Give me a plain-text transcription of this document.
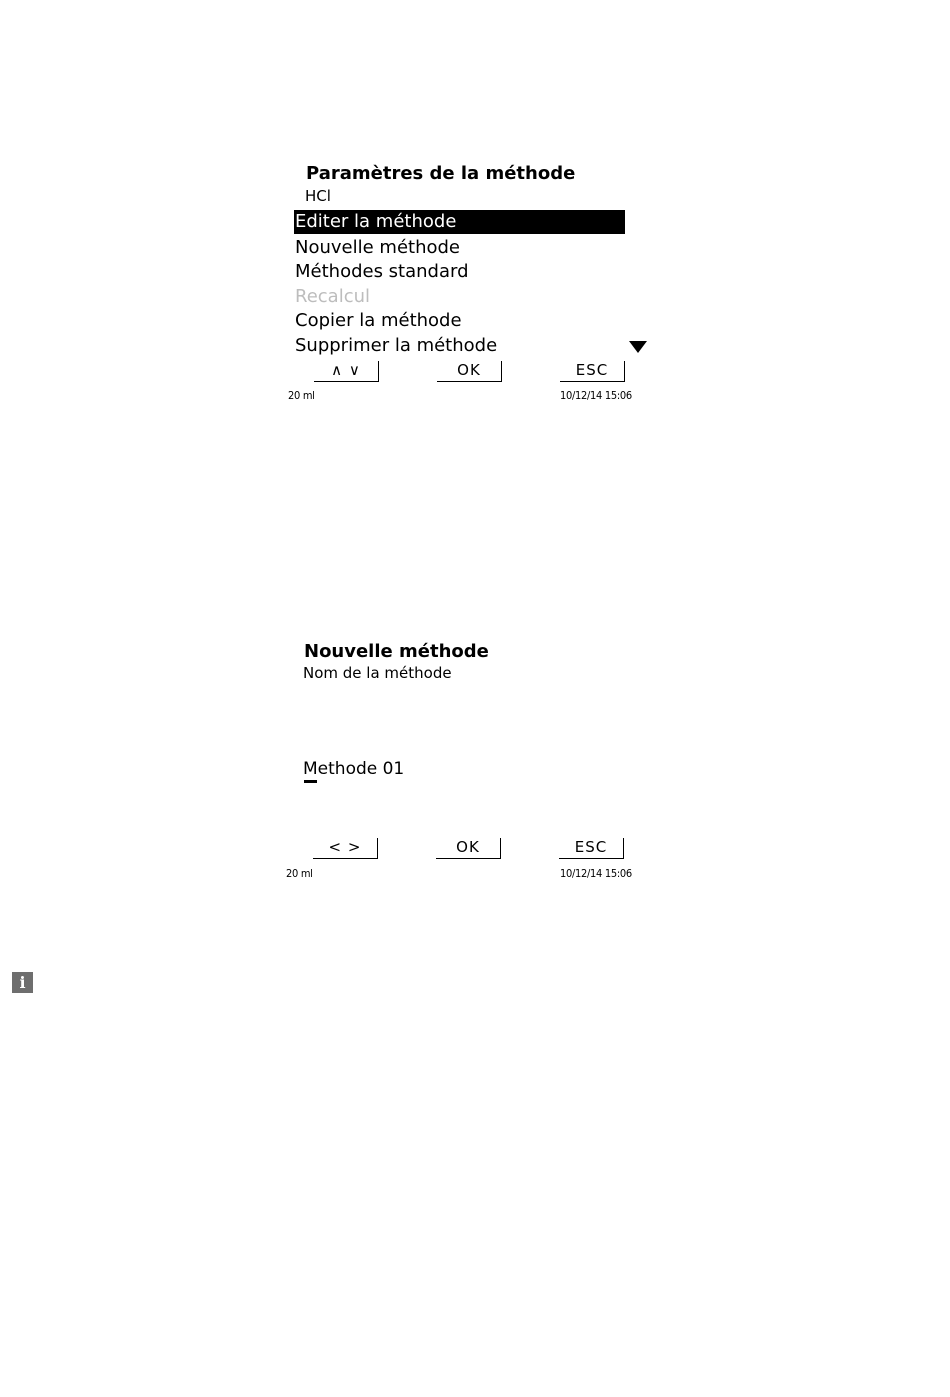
Paramètres de la méthode
HCl
Editer la méthode
Nouvelle méthode
Méthodes standard
Recalcul
Copier la méthode
Supprimer la méthode
∧ ∨	OK	ESC
20 ml	10/12/14 15:06
Nouvelle méthode
Nom de la méthode
Methode 01
< >	OK	ESC
20 ml	10/12/14 15:06
i
